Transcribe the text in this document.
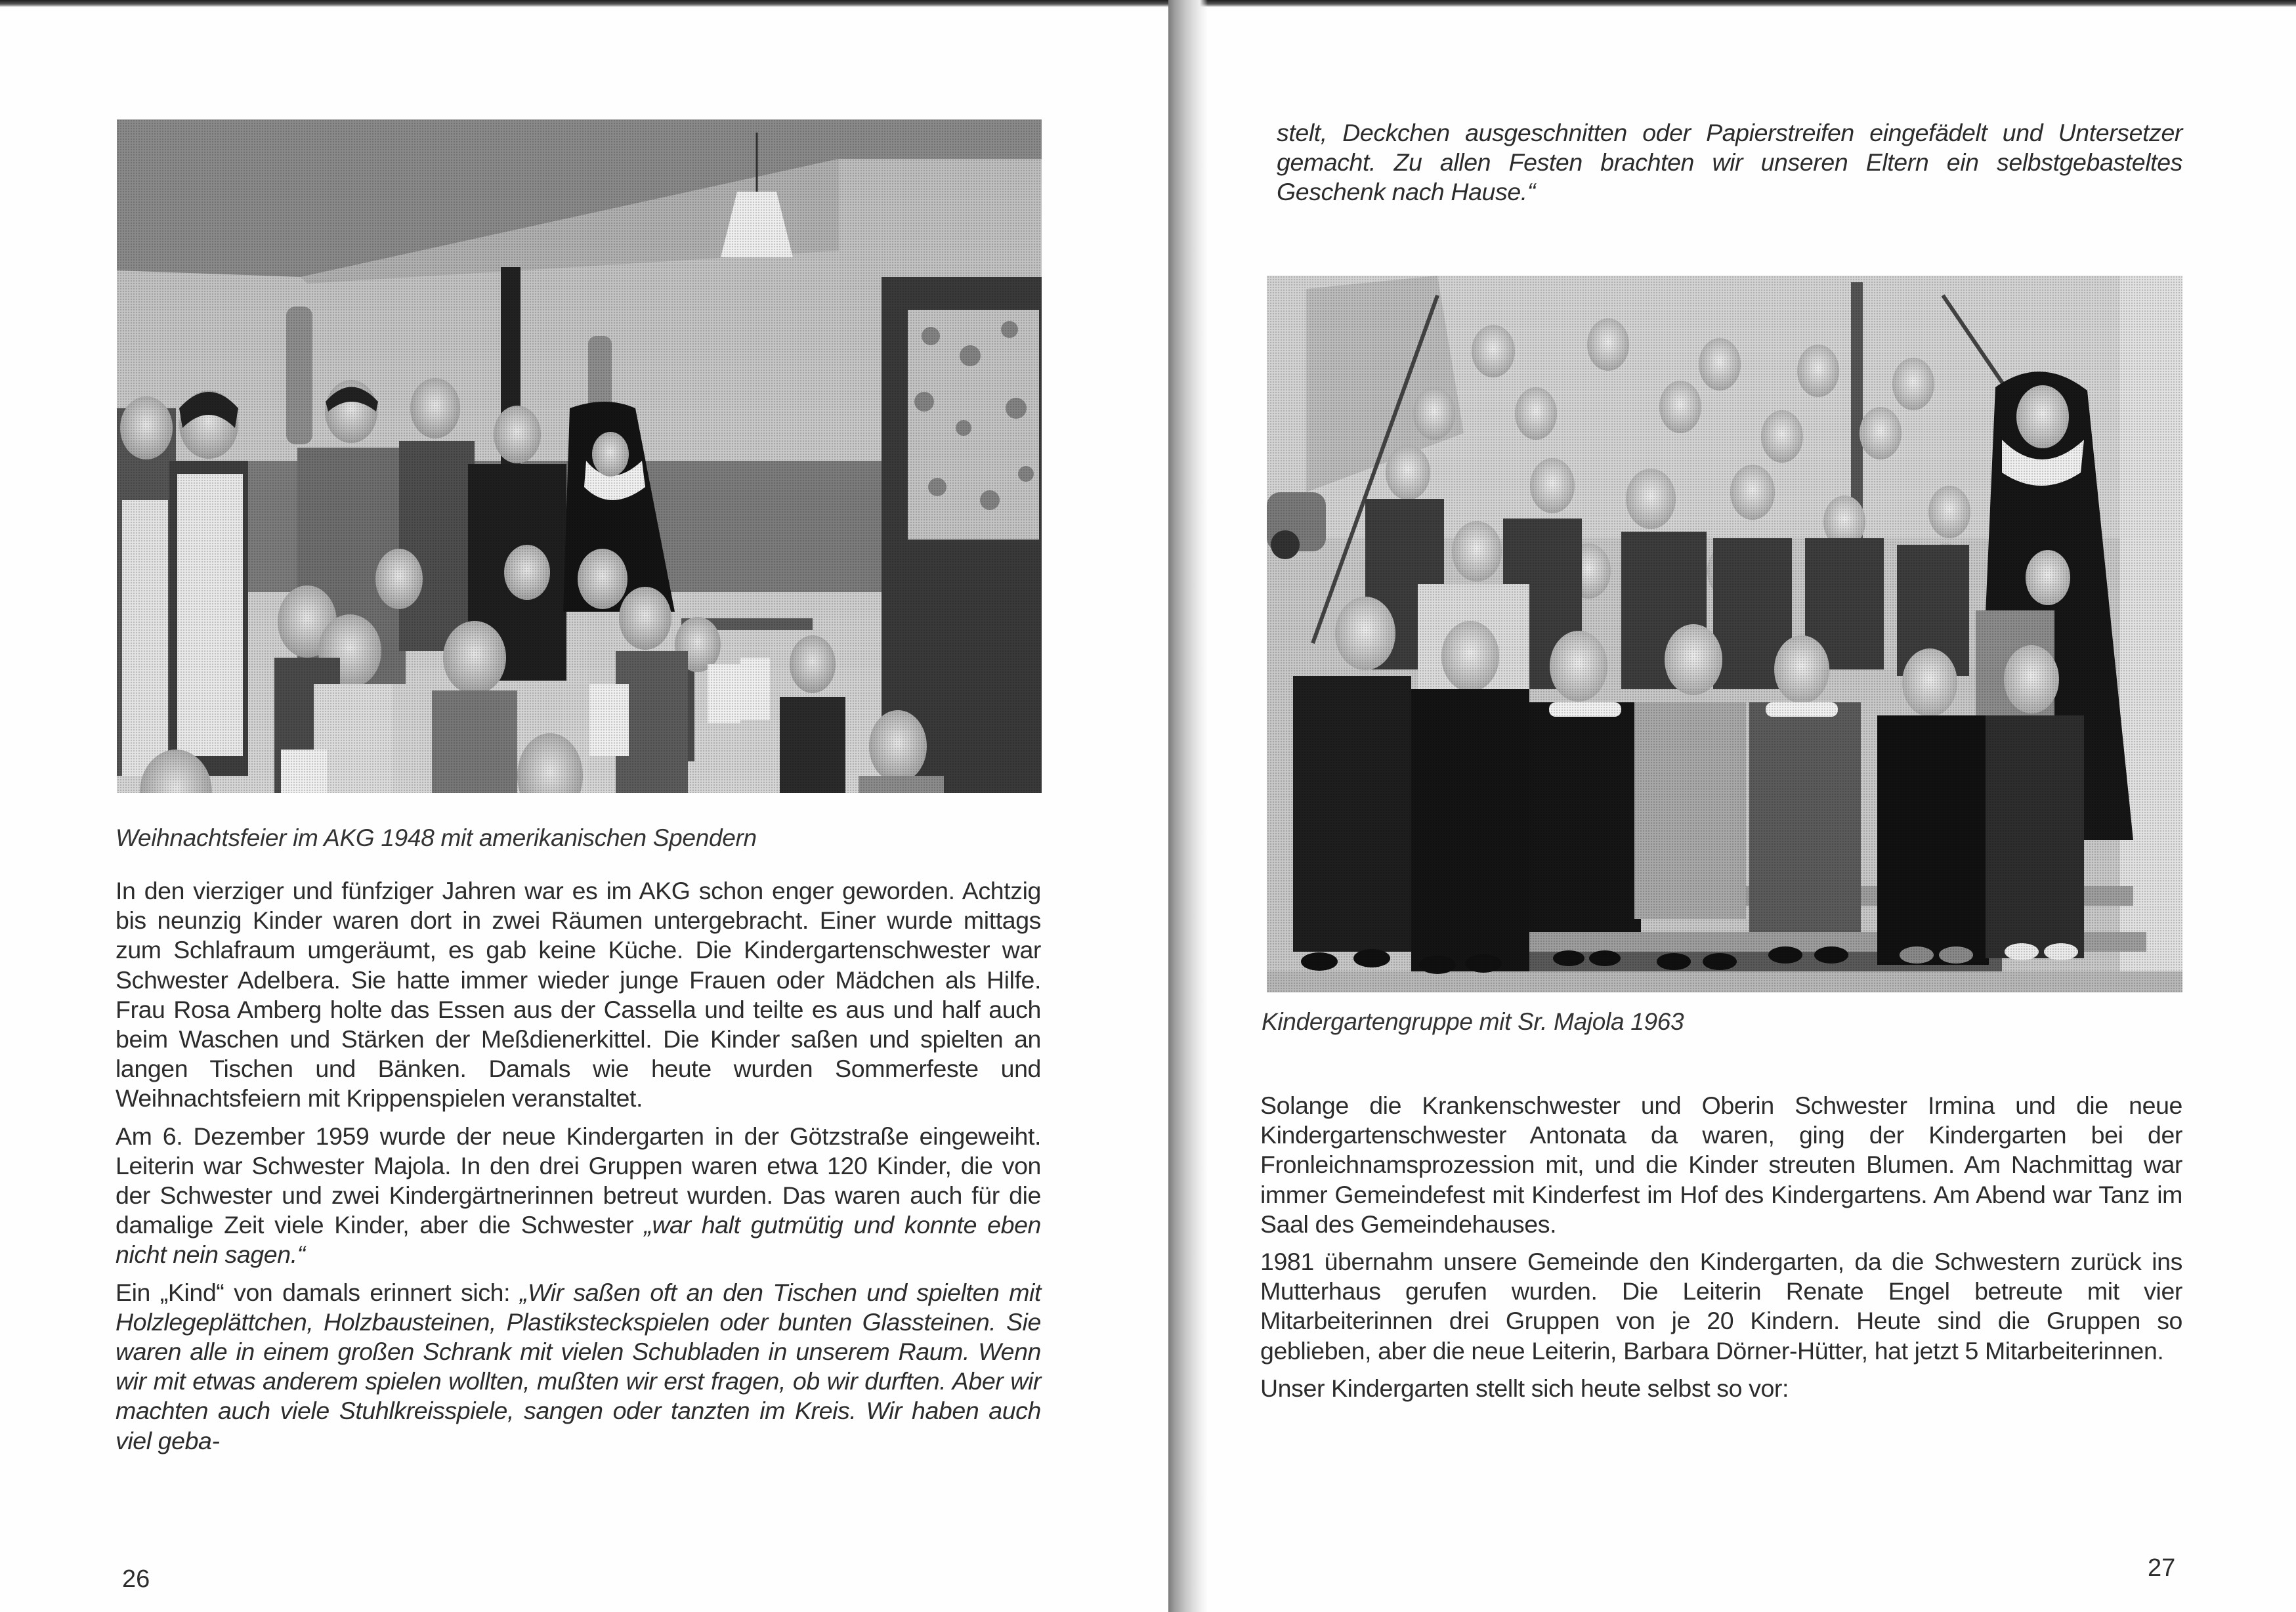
Weihnachtsfeier im AKG 1948 mit amerikanischen Spendern

In den vierziger und fünfziger Jahren war es im AKG schon enger geworden. Achtzig bis neunzig Kinder waren dort in zwei Räumen untergebracht. Einer wurde mittags zum Schlafraum umgeräumt, es gab keine Küche. Die Kindergartenschwester war Schwester Adelbera. Sie hatte immer wieder junge Frauen oder Mädchen als Hilfe. Frau Rosa Amberg holte das Essen aus der Cassella und teilte es aus und half auch beim Waschen und Stärken der Meßdienerkittel. Die Kinder saßen und spielten an langen Tischen und Bänken. Damals wie heute wurden Sommerfeste und Weihnachtsfeiern mit Krippenspielen veranstaltet.

Am 6. Dezember 1959 wurde der neue Kindergarten in der Götzstraße eingeweiht. Leiterin war Schwester Majola. In den drei Gruppen waren etwa 120 Kinder, die von der Schwester und zwei Kindergärtnerinnen betreut wurden. Das waren auch für die damalige Zeit viele Kinder, aber die Schwester „war halt gutmütig und konnte eben nicht nein sagen.“

Ein „Kind“ von damals erinnert sich: „Wir saßen oft an den Tischen und spielten mit Holzlegeplättchen, Holzbausteinen, Plastiksteckspielen oder bunten Glassteinen. Sie waren alle in einem großen Schrank mit vielen Schubladen in unserem Raum. Wenn wir mit etwas anderem spielen wollten, mußten wir erst fragen, ob wir durften. Aber wir machten auch viele Stuhlkreisspiele, sangen oder tanzten im Kreis. Wir haben auch viel geba-

26

stelt, Deckchen ausgeschnitten oder Papierstreifen eingefädelt und Untersetzer gemacht. Zu allen Festen brachten wir unseren Eltern ein selbstgebasteltes Geschenk nach Hause.“

Kindergartengruppe mit Sr. Majola 1963

Solange die Krankenschwester und Oberin Schwester Irmina und die neue Kindergartenschwester Antonata da waren, ging der Kindergarten bei der Fronleichnamsprozession mit, und die Kinder streuten Blumen. Am Nachmittag war immer Gemeindefest mit Kinderfest im Hof des Kindergartens. Am Abend war Tanz im Saal des Gemeindehauses.

1981 übernahm unsere Gemeinde den Kindergarten, da die Schwestern zurück ins Mutterhaus gerufen wurden. Die Leiterin Renate Engel betreute mit vier Mitarbeiterinnen drei Gruppen von je 20 Kindern. Heute sind die Gruppen so geblieben, aber die neue Leiterin, Barbara Dörner-Hütter, hat jetzt 5 Mitarbeiterinnen.

Unser Kindergarten stellt sich heute selbst so vor:

27
